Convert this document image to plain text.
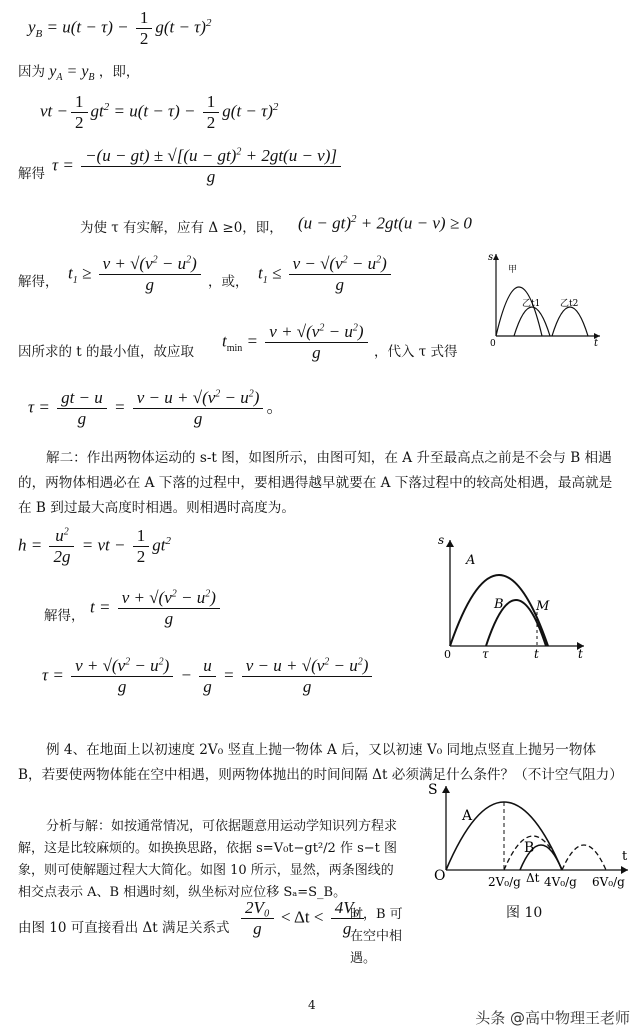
$y_B = u(t - \tau) - \frac{1}{2} g(t - \tau)^2$
因为 $y_A = y_B$ ，即，
vt − $\frac{1}{2} gt^2 = u(t - \tau) - \frac{1}{2} g(t - \tau)^2$
解得 $\tau = \frac{-(u - gt) \pm √[(u - gt)^2 + 2gt(u - v)]}{g}$
为使 τ 有实解，应有 Δ ≥0，即， (u − gt)$^2$ + 2gt(u − v) ≥ 0
解得， $t_1 \ge \frac{v + √(v^2 - u^2)}{g}$ ，或， $t_1 \le \frac{v - √(v^2 - u^2)}{g}$	s
甲
乙t1 乙t2
0	t
因所求的 t 的最小值，故应取
$t_{min} = \frac{v + √(v^2 - u^2)}{g}$ ，代入 τ 式得
$\tau = \frac{gt - u}{g} = \frac{v - u + √(v^2 - u^2)}{g}$ 。
解二：作出两物体运动的 s-t 图，如图所示，由图可知，在 A 升至最高点之前是不会与 B 相遇的，两物体相遇必在 A 下落的过程中，要相遇得越早就要在 A 下落过程中的较高处相遇，最高就是在 B 到过最大高度时相遇。则相遇时高度为。
$h = \frac{u^2}{2g}$ = vt − $\frac{1}{2} gt^2$
解得， $t = \frac{v + √(v^2 - u^2)}{g}$
$\tau = \frac{v + √(v^2 - u^2)}{g} - \frac{u}{g} = \frac{v - u + √(v^2 - u^2)}{g}$
s
A
B M
0	τ	t	t
例 4、在地面上以初速度 2V₀ 竖直上抛一物体 A 后，又以初速 V₀ 同地点竖直上抛另一物体 B，若要使两物体能在空中相遇，则两物体抛出的时间间隔 Δt 必须满足什么条件？（不计空气阻力）
分析与解：如按通常情况，可依据题意用运动学知识列方程求解，这是比较麻烦的。如换换思路，依据 s=V₀t−gt²/2 作 s−t 图象，则可使解题过程大大简化。如图 10 所示，显然，两条图线的相交点表示 A、B 相遇时刻，纵坐标对应位移 Sₐ=S_B。
由图 10 可直接看出 Δt 满足关系式 $\frac{\text{2V₀}}{g} < \Delta t < \frac{\text{4V₀}}{g}$
时，B 可在空中相遇。
S
A
B
O	2V₀/g Δt 4V₀/g 6V₀/g
t
图 10
4
头条 @高中物理王老师
